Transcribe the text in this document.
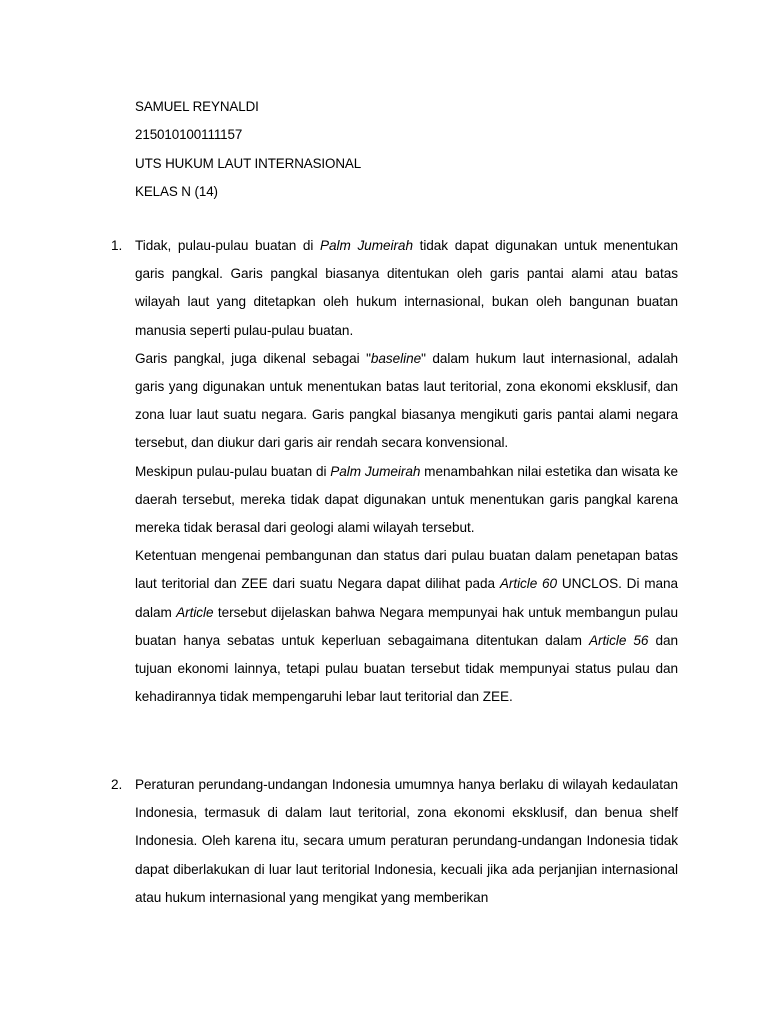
SAMUEL REYNALDI
215010100111157
UTS HUKUM LAUT INTERNASIONAL
KELAS N (14)
1. Tidak, pulau-pulau buatan di Palm Jumeirah tidak dapat digunakan untuk menentukan garis pangkal. Garis pangkal biasanya ditentukan oleh garis pantai alami atau batas wilayah laut yang ditetapkan oleh hukum internasional, bukan oleh bangunan buatan manusia seperti pulau-pulau buatan.

Garis pangkal, juga dikenal sebagai "baseline" dalam hukum laut internasional, adalah garis yang digunakan untuk menentukan batas laut teritorial, zona ekonomi eksklusif, dan zona luar laut suatu negara. Garis pangkal biasanya mengikuti garis pantai alami negara tersebut, dan diukur dari garis air rendah secara konvensional.

Meskipun pulau-pulau buatan di Palm Jumeirah menambahkan nilai estetika dan wisata ke daerah tersebut, mereka tidak dapat digunakan untuk menentukan garis pangkal karena mereka tidak berasal dari geologi alami wilayah tersebut.

Ketentuan mengenai pembangunan dan status dari pulau buatan dalam penetapan batas laut teritorial dan ZEE dari suatu Negara dapat dilihat pada Article 60 UNCLOS. Di mana dalam Article tersebut dijelaskan bahwa Negara mempunyai hak untuk membangun pulau buatan hanya sebatas untuk keperluan sebagaimana ditentukan dalam Article 56 dan tujuan ekonomi lainnya, tetapi pulau buatan tersebut tidak mempunyai status pulau dan kehadirannya tidak mempengaruhi lebar laut teritorial dan ZEE.

2. Peraturan perundang-undangan Indonesia umumnya hanya berlaku di wilayah kedaulatan Indonesia, termasuk di dalam laut teritorial, zona ekonomi eksklusif, dan benua shelf Indonesia. Oleh karena itu, secara umum peraturan perundang-undangan Indonesia tidak dapat diberlakukan di luar laut teritorial Indonesia, kecuali jika ada perjanjian internasional atau hukum internasional yang mengikat yang memberikan
